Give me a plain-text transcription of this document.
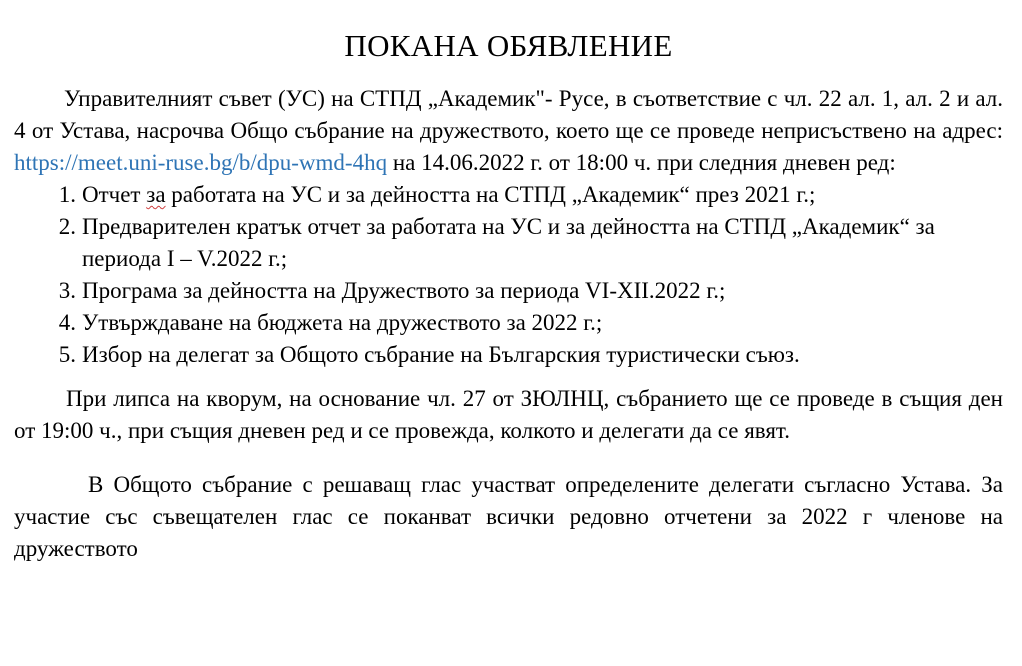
ПОКАНА ОБЯВЛЕНИЕ

Управителният съвет (УС) на СТПД „Академик"- Русе, в съответствие с чл. 22 ал. 1, ал. 2 и ал. 4 от Устава, насрочва Общо събрание на дружеството, което ще се проведе неприсъствено на адрес: https://meet.uni-ruse.bg/b/dpu-wmd-4hq на 14.06.2022 г. от 18:00 ч. при следния дневен ред:

1. Отчет за работата на УС и за дейността на СТПД „Академик“ през 2021 г.;
2. Предварителен кратък отчет за работата на УС и за дейността на СТПД „Академик“ за периода I – V.2022 г.;
3. Програма за дейността на Дружеството за периода VI-XII.2022 г.;
4. Утвърждаване на бюджета на дружеството за 2022 г.;
5. Избор на делегат за Общото събрание на Българския туристически съюз.

При липса на кворум, на основание чл. 27 от ЗЮЛНЦ, събранието ще се проведе в същия ден от 19:00 ч., при същия дневен ред и се провежда, колкото и делегати да се явят.

В Общото събрание с решаващ глас участват определените делегати съгласно Устава. За участие със съвещателен глас се поканват всички редовно отчетени за 2022 г членове на дружеството
